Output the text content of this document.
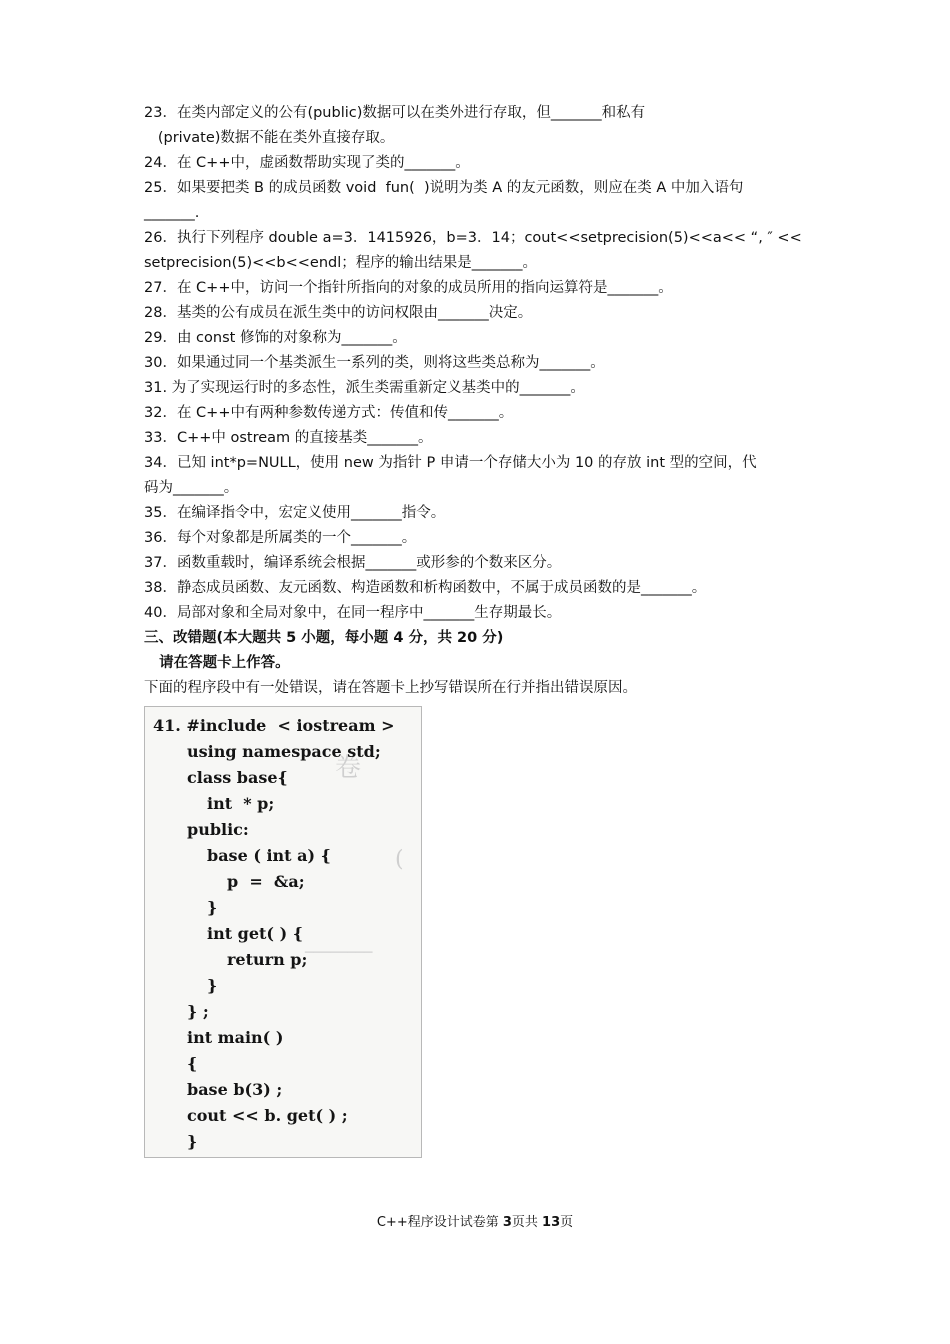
23．在类内部定义的公有(public)数据可以在类外进行存取，但_______和私有
(private)数据不能在类外直接存取。
24．在 C++中，虚函数帮助实现了类的_______。
25．如果要把类 B 的成员函数 void  fun(  )说明为类 A 的友元函数，则应在类 A 中加入语句
_______.
26．执行下列程序 double a=3．1415926，b=3．14；cout<<setprecision(5)<<a<< “, ″ <<
setprecision(5)<<b<<endl；程序的输出结果是_______。
27．在 C++中，访问一个指针所指向的对象的成员所用的指向运算符是_______。
28．基类的公有成员在派生类中的访问权限由_______决定。
29．由 const 修饰的对象称为_______。
30．如果通过同一个基类派生一系列的类，则将这些类总称为_______。
31. 为了实现运行时的多态性，派生类需重新定义基类中的_______。
32．在 C++中有两种参数传递方式：传值和传_______。
33．C++中 ostream 的直接基类_______。
34．已知 int*p=NULL，使用 new 为指针 P 申请一个存储大小为 10 的存放 int 型的空间，代
码为_______。
35．在编译指令中，宏定义使用_______指令。
36．每个对象都是所属类的一个_______。
37．函数重载时，编译系统会根据_______或形参的个数来区分。
38．静态成员函数、友元函数、构造函数和析构函数中，不属于成员函数的是_______。
40．局部对象和全局对象中，在同一程序中_______生存期最长。
三、改错题(本大题共 5 小题，每小题 4 分，共 20 分)
请在答题卡上作答。
下面的程序段中有一处错误，请在答题卡上抄写错误所在行并指出错误原因。
卷
(
────────
41. #include  < iostream >
using namespace std;
class base{
int  * p;
public:
base ( int a) {
p  =  &a;
}
int get( ) {
return p;
}
} ;
int main( )
{
base b(3) ;
cout << b. get( ) ;
}
C++程序设计试卷第 3页共 13页
